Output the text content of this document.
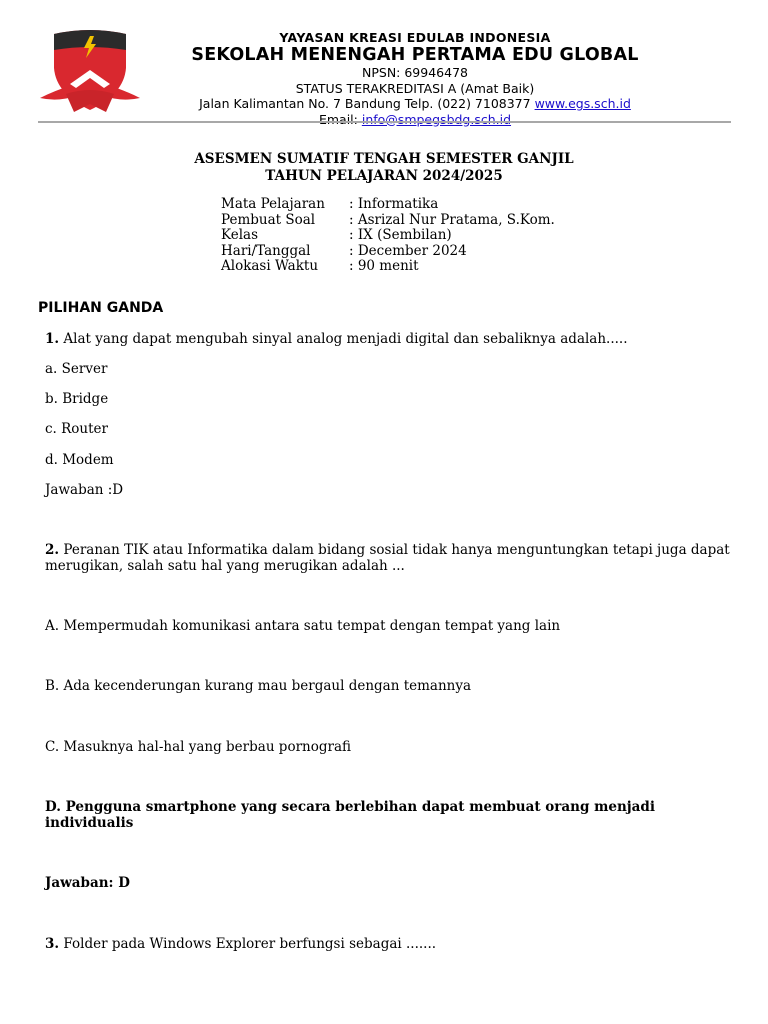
YAYASAN KREASI EDULAB INDONESIA
SEKOLAH MENENGAH PERTAMA EDU GLOBAL
NPSN: 69946478
STATUS TERAKREDITASI A (Amat Baik)
Jalan Kalimantan No. 7 Bandung Telp. (022) 7108377 www.egs.sch.id
Email: info@smpegsbdg.sch.id
ASESMEN SUMATIF TENGAH SEMESTER GANJIL
TAHUN PELAJARAN 2024/2025
Mata Pelajaran	: Informatika
Pembuat Soal	: Asrizal Nur Pratama, S.Kom.
Kelas	: IX (Sembilan)
Hari/Tanggal	: December 2024
Alokasi Waktu	: 90 menit
PILIHAN GANDA
1. Alat yang dapat mengubah sinyal analog menjadi digital dan sebaliknya adalah.....
a. Server
b. Bridge
c. Router
d. Modem
Jawaban :D
2. Peranan TIK atau Informatika dalam bidang sosial tidak hanya menguntungkan tetapi juga dapat merugikan, salah satu hal yang merugikan adalah ...
A. Mempermudah komunikasi antara satu tempat dengan tempat yang lain
B. Ada kecenderungan kurang mau bergaul dengan temannya
C. Masuknya hal-hal yang berbau pornografi
D. Pengguna smartphone yang secara berlebihan dapat membuat orang menjadi individualis
Jawaban: D
3. Folder pada Windows Explorer berfungsi sebagai .......
